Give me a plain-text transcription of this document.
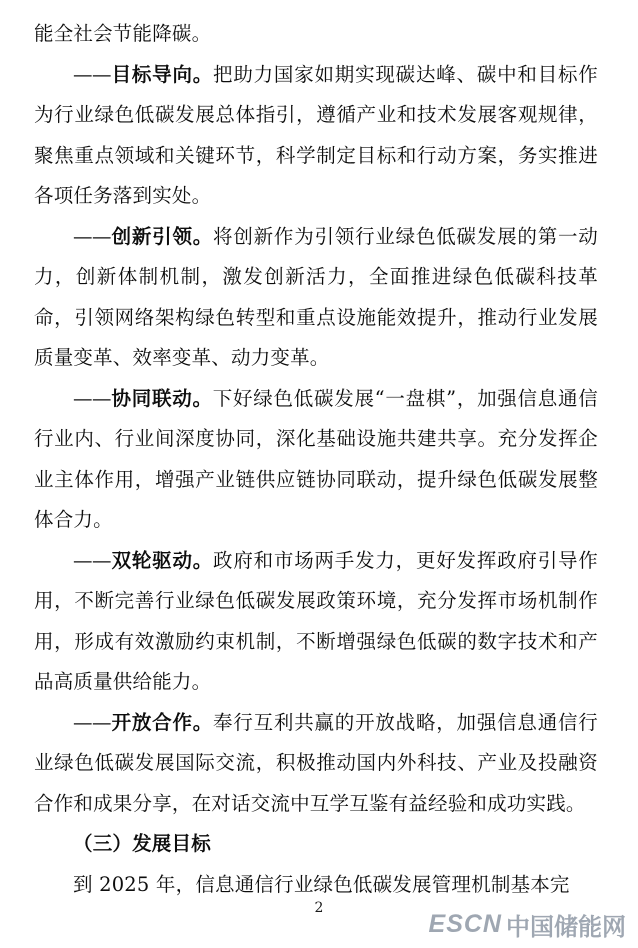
能全社会节能降碳。

——目标导向。把助力国家如期实现碳达峰、碳中和目标作为行业绿色低碳发展总体指引，遵循产业和技术发展客观规律，聚焦重点领域和关键环节，科学制定目标和行动方案，务实推进各项任务落到实处。

——创新引领。将创新作为引领行业绿色低碳发展的第一动力，创新体制机制，激发创新活力，全面推进绿色低碳科技革命，引领网络架构绿色转型和重点设施能效提升，推动行业发展质量变革、效率变革、动力变革。

——协同联动。下好绿色低碳发展“一盘棋”，加强信息通信行业内、行业间深度协同，深化基础设施共建共享。充分发挥企业主体作用，增强产业链供应链协同联动，提升绿色低碳发展整体合力。

——双轮驱动。政府和市场两手发力，更好发挥政府引导作用，不断完善行业绿色低碳发展政策环境，充分发挥市场机制作用，形成有效激励约束机制，不断增强绿色低碳的数字技术和产品高质量供给能力。

——开放合作。奉行互利共赢的开放战略，加强信息通信行业绿色低碳发展国际交流，积极推动国内外科技、产业及投融资合作和成果分享，在对话交流中互学互鉴有益经验和成功实践。

（三）发展目标

到 2025 年，信息通信行业绿色低碳发展管理机制基本完

2
ESCN 中国储能网
